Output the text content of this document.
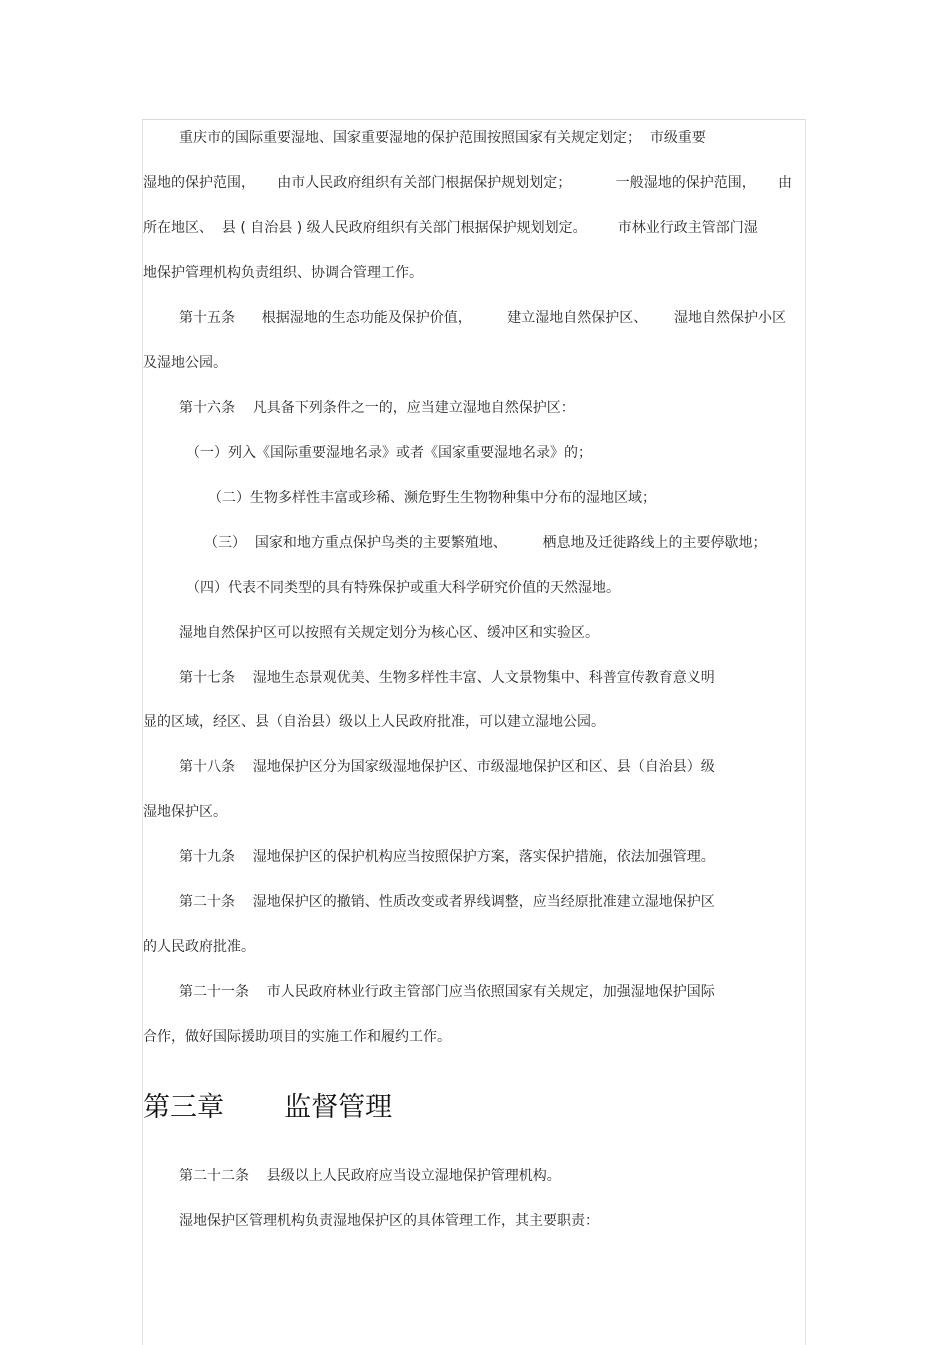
重庆市的国际重要湿地、国家重要湿地的保护范围按照国家有关规定划定；  市级重要
湿地的保护范围，     由市人民政府组织有关部门根据保护规划划定；          一般湿地的保护范围，     由
所在地区、  县 ( 自治县 ) 级人民政府组织有关部门根据保护规划划定。       市林业行政主管部门湿
地保护管理机构负责组织、协调合管理工作。
第十五条      根据湿地的生态功能及保护价值，        建立湿地自然保护区、      湿地自然保护小区
及湿地公园。
第十六条    凡具备下列条件之一的，应当建立湿地自然保护区：
（一）列入《国际重要湿地名录》或者《国家重要湿地名录》的；
（二）生物多样性丰富或珍稀、濒危野生生物物种集中分布的湿地区域；
（三）  国家和地方重点保护鸟类的主要繁殖地、        栖息地及迁徙路线上的主要停歇地；
（四）代表不同类型的具有特殊保护或重大科学研究价值的天然湿地。
湿地自然保护区可以按照有关规定划分为核心区、缓冲区和实验区。
第十七条    湿地生态景观优美、生物多样性丰富、人文景物集中、科普宣传教育意义明
显的区域，经区、县（自治县）级以上人民政府批准，可以建立湿地公园。
第十八条    湿地保护区分为国家级湿地保护区、市级湿地保护区和区、县（自治县）级
湿地保护区。
第十九条    湿地保护区的保护机构应当按照保护方案，落实保护措施，依法加强管理。
第二十条    湿地保护区的撤销、性质改变或者界线调整，应当经原批准建立湿地保护区
的人民政府批准。
第二十一条    市人民政府林业行政主管部门应当依照国家有关规定，加强湿地保护国际
合作，做好国际援助项目的实施工作和履约工作。
第三章       监督管理
第二十二条    县级以上人民政府应当设立湿地保护管理机构。
湿地保护区管理机构负责湿地保护区的具体管理工作，其主要职责：
